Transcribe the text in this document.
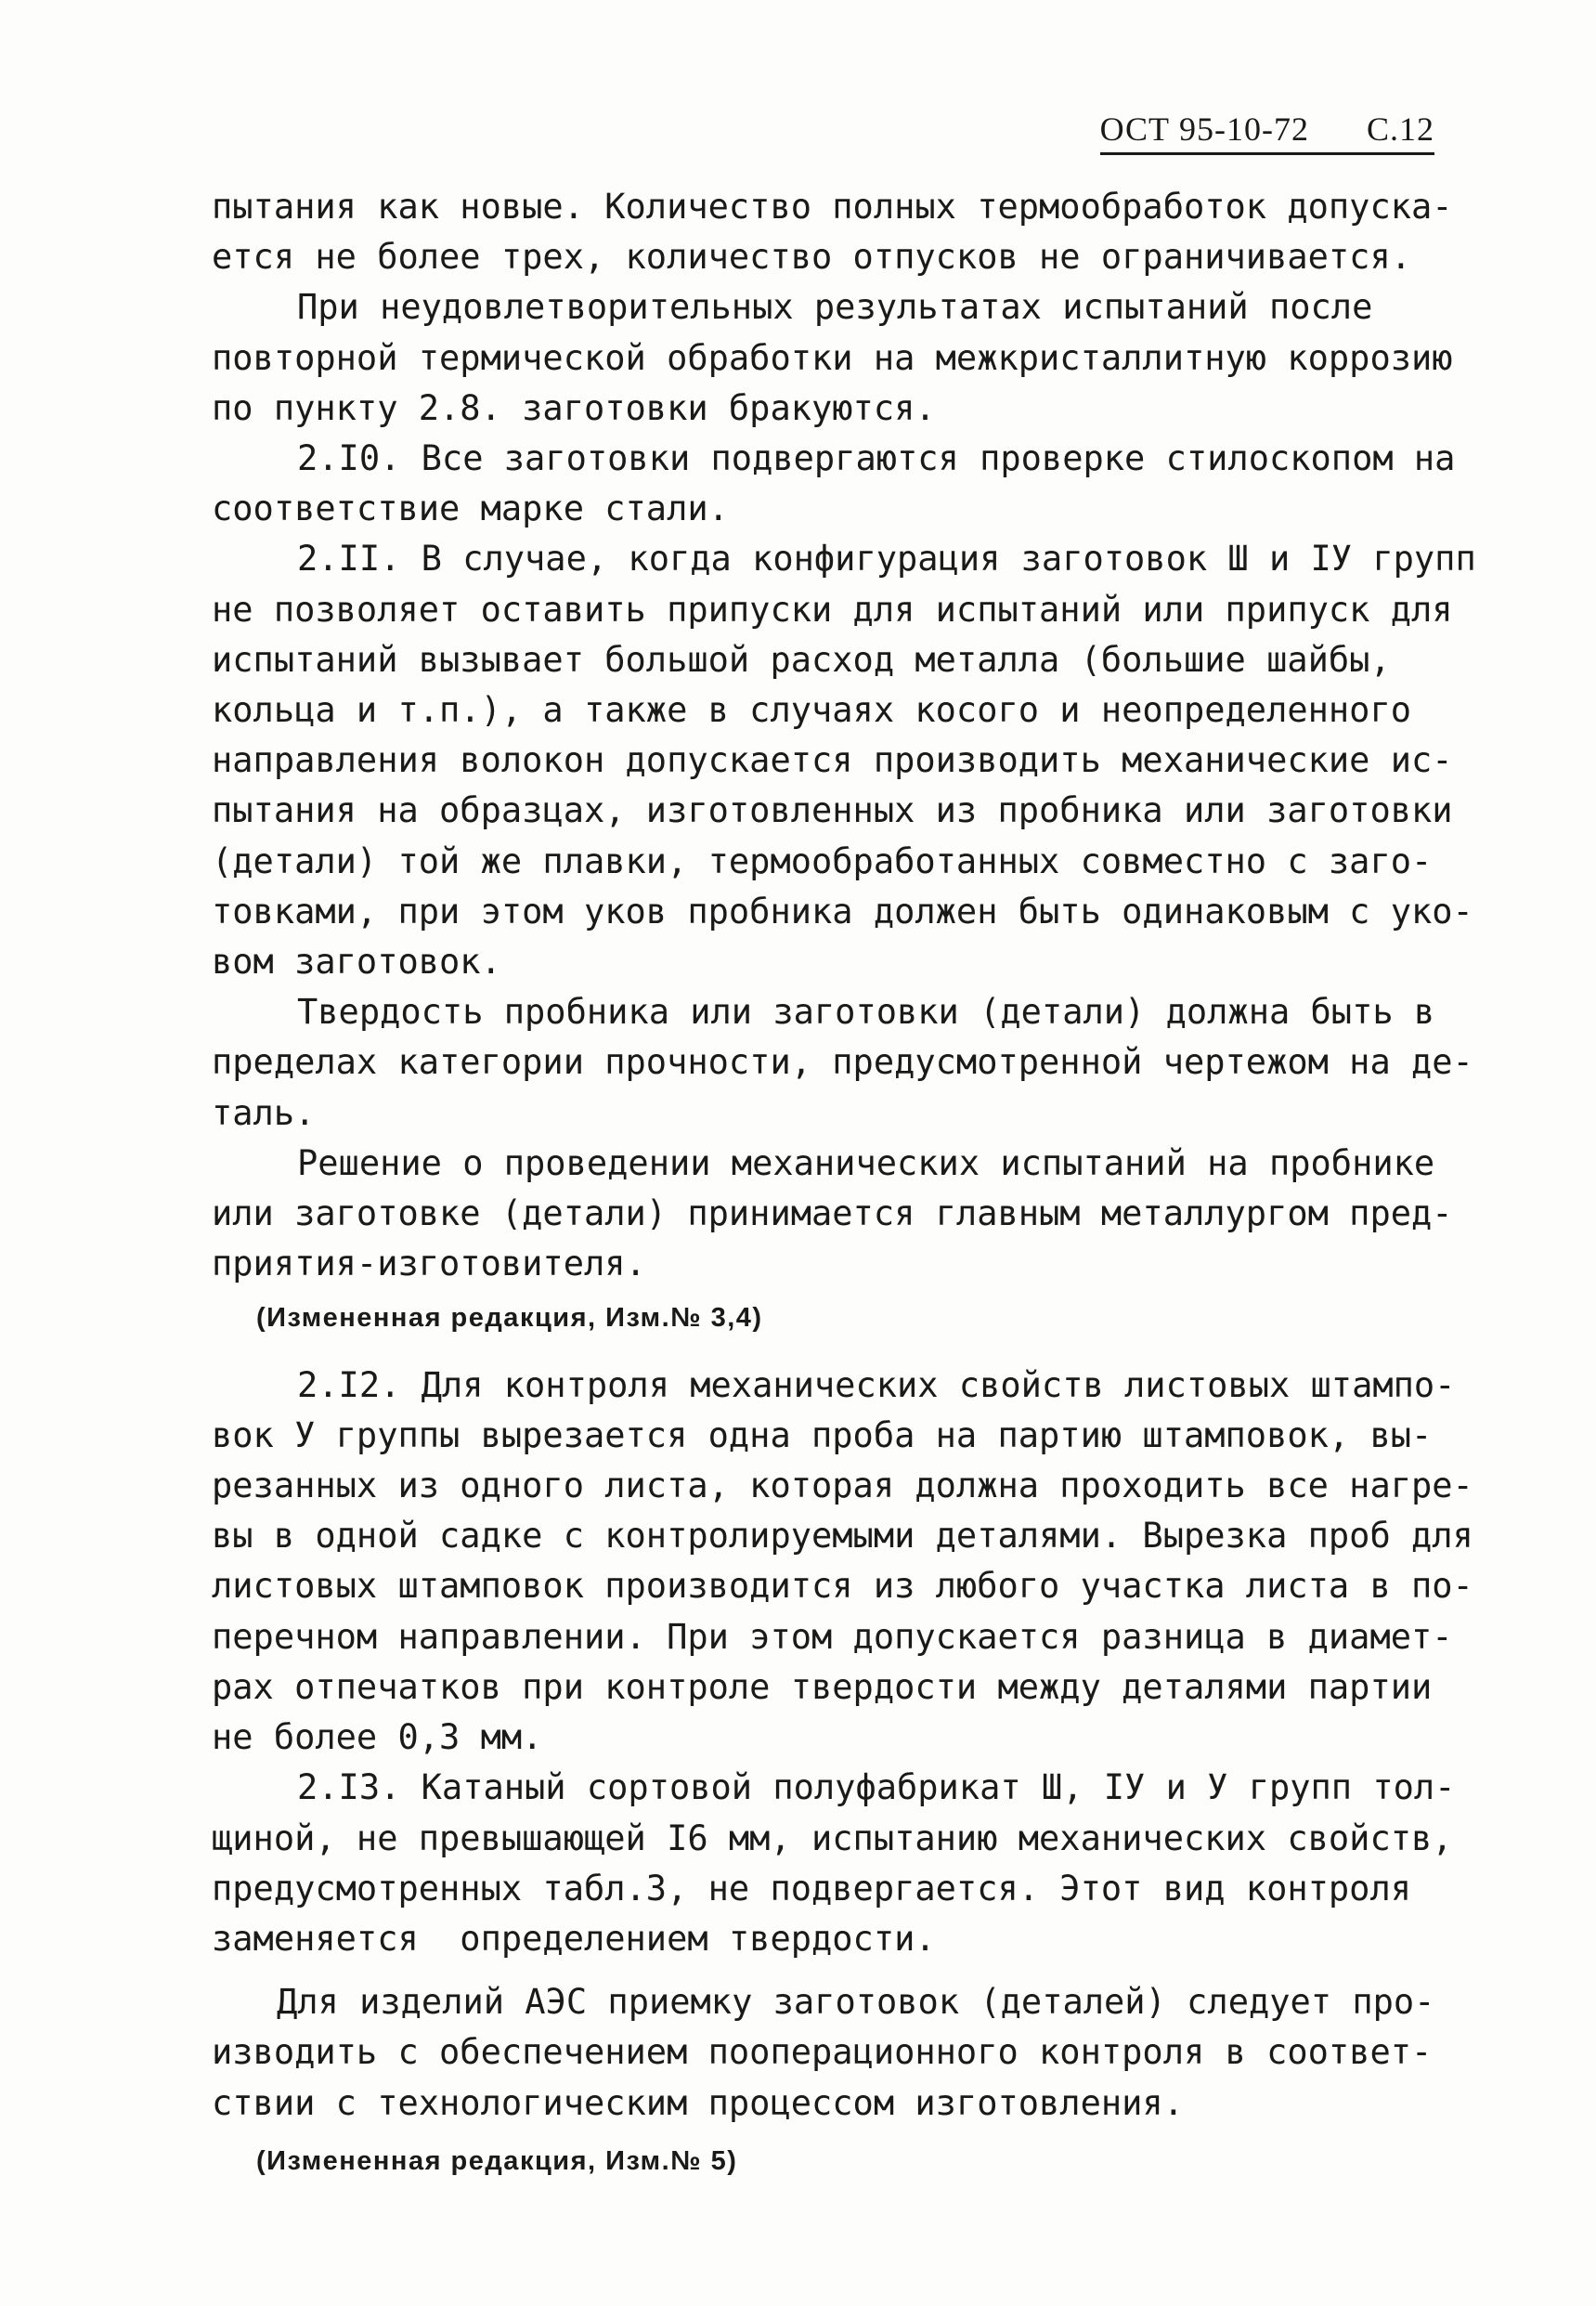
ОСТ 95-10-72 С.12
пытания как новые. Количество полных термообработок допуска-
ется не более трех, количество отпусков не ограничивается.
При неудовлетворительных результатах испытаний после
повторной термической обработки на межкристаллитную коррозию
по пункту 2.8. заготовки бракуются.
2.I0. Все заготовки подвергаются проверке стилоскопом на
соответствие марке стали.
2.II. В случае, когда конфигурация заготовок Ш и IУ групп
не позволяет оставить припуски для испытаний или припуск для
испытаний вызывает большой расход металла (большие шайбы,
кольца и т.п.), а также в случаях косого и неопределенного
направления волокон допускается производить механические ис-
пытания на образцах, изготовленных из пробника или заготовки
(детали) той же плавки, термообработанных совместно с заго-
товками, при этом уков пробника должен быть одинаковым с уко-
вом заготовок.
Твердость пробника или заготовки (детали) должна быть в
пределах категории прочности, предусмотренной чертежом на де-
таль.
Решение о проведении механических испытаний на пробнике
или заготовке (детали) принимается главным металлургом пред-
приятия-изготовителя.
(Измененная редакция, Изм.№ 3,4)
2.I2. Для контроля механических свойств листовых штампо-
вок У группы вырезается одна проба на партию штамповок, вы-
резанных из одного листа, которая должна проходить все нагре-
вы в одной садке с контролируемыми деталями. Вырезка проб для
листовых штамповок производится из любого участка листа в по-
перечном направлении. При этом допускается разница в диамет-
рах отпечатков при контроле твердости между деталями партии
не более 0,3 мм.
2.I3. Катаный сортовой полуфабрикат Ш, IУ и У групп тол-
щиной, не превышающей I6 мм, испытанию механических свойств,
предусмотренных табл.3, не подвергается. Этот вид контроля
заменяется  определением твердости.
Для изделий АЭС приемку заготовок (деталей) следует про-
изводить с обеспечением пооперационного контроля в соответ-
ствии с технологическим процессом изготовления.
(Измененная редакция, Изм.№ 5)
